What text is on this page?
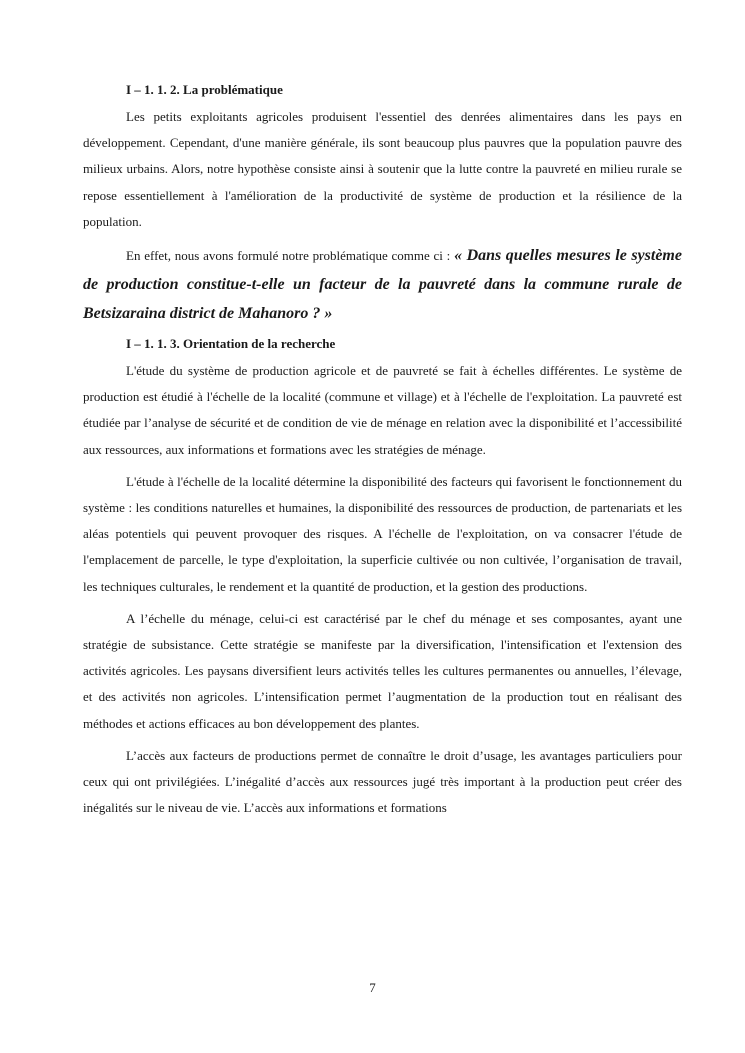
I – 1. 1. 2. La problématique

Les petits exploitants agricoles produisent l'essentiel des denrées alimentaires dans les pays en développement. Cependant, d'une manière générale, ils sont beaucoup plus pauvres que la population pauvre des milieux urbains. Alors, notre hypothèse consiste ainsi à soutenir que la lutte contre la pauvreté en milieu rurale se repose essentiellement à l'amélioration de la productivité de système de production et la résilience de la population.

En effet, nous avons formulé notre problématique comme ci : « Dans quelles mesures le système de production constitue-t-elle un facteur de la pauvreté dans la commune rurale de Betsizaraina district de Mahanoro ? »

I – 1. 1. 3. Orientation de la recherche

L'étude du système de production agricole et de pauvreté se fait à échelles différentes. Le système de production est étudié à l'échelle de la localité (commune et village) et à l'échelle de l'exploitation. La pauvreté est étudiée par l’analyse de sécurité et de condition de vie de ménage en relation avec la disponibilité et l’accessibilité aux ressources, aux informations et formations avec les stratégies de ménage.

L'étude à l'échelle de la localité détermine la disponibilité des facteurs qui favorisent le fonctionnement du système : les conditions naturelles et humaines, la disponibilité des ressources de production, de partenariats et les aléas potentiels qui peuvent provoquer des risques. A l'échelle de l'exploitation, on va consacrer l'étude de l'emplacement de parcelle, le type d'exploitation, la superficie cultivée ou non cultivée, l’organisation de travail, les techniques culturales, le rendement et la quantité de production, et la gestion des productions.

A l’échelle du ménage, celui-ci est caractérisé par le chef du ménage et ses composantes, ayant une stratégie de subsistance. Cette stratégie se manifeste par la diversification, l'intensification et l'extension des activités agricoles. Les paysans diversifient leurs activités telles les cultures permanentes ou annuelles, l’élevage, et des activités non agricoles. L’intensification permet l’augmentation de la production tout en réalisant des méthodes et actions efficaces au bon développement des plantes.

L’accès aux facteurs de productions permet de connaître le droit d’usage, les avantages particuliers pour ceux qui ont privilégiées. L’inégalité d’accès aux ressources jugé très important à la production peut créer des inégalités sur le niveau de vie. L’accès aux informations et formations

7
